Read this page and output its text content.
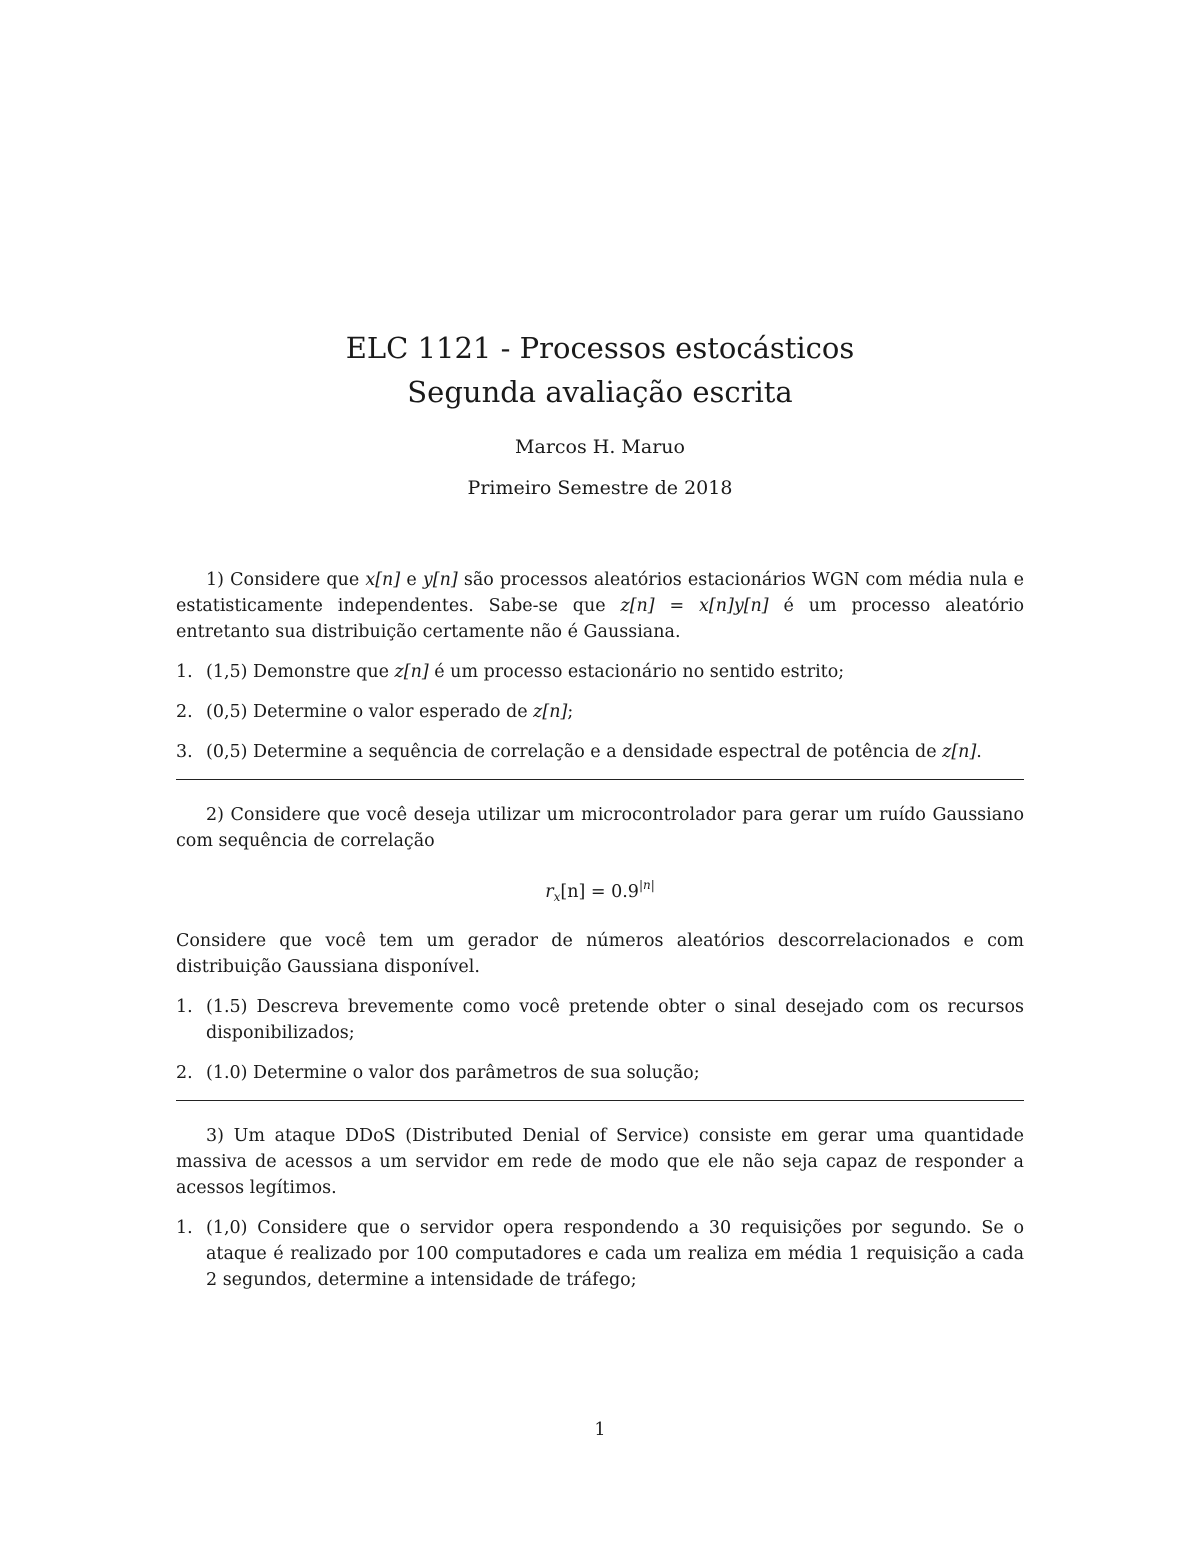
ELC 1121 - Processos estocásticos
Segunda avaliação escrita
Marcos H. Maruo
Primeiro Semestre de 2018

1) Considere que x[n] e y[n] são processos aleatórios estacionários WGN com média nula e estatisticamente independentes. Sabe-se que z[n] = x[n]y[n] é um processo aleatório entretanto sua distribuição certamente não é Gaussiana.

1. (1,5) Demonstre que z[n] é um processo estacionário no sentido estrito;
2. (0,5) Determine o valor esperado de z[n];
3. (0,5) Determine a sequência de correlação e a densidade espectral de potência de z[n].

2) Considere que você deseja utilizar um microcontrolador para gerar um ruído Gaussiano com sequência de correlação

$r_x[n] = 0.9^{|n|}$

Considere que você tem um gerador de números aleatórios descorrelacionados e com distribuição Gaussiana disponível.

1. (1.5) Descreva brevemente como você pretende obter o sinal desejado com os recursos disponibilizados;
2. (1.0) Determine o valor dos parâmetros de sua solução;

3) Um ataque DDoS (Distributed Denial of Service) consiste em gerar uma quantidade massiva de acessos a um servidor em rede de modo que ele não seja capaz de responder a acessos legítimos.

1. (1,0) Considere que o servidor opera respondendo a 30 requisições por segundo. Se o ataque é realizado por 100 computadores e cada um realiza em média 1 requisição a cada 2 segundos, determine a intensidade de tráfego;
1
